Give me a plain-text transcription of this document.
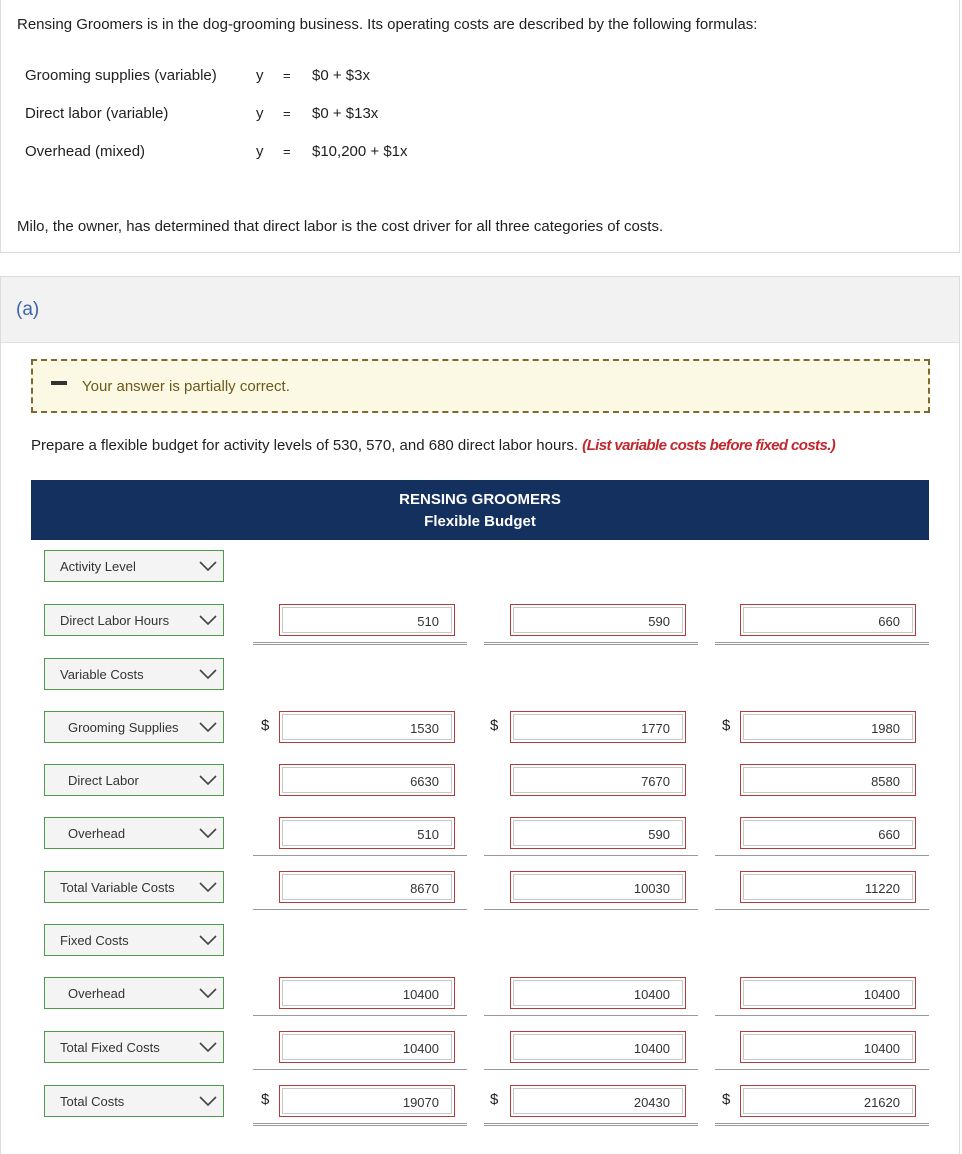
Rensing Groomers is in the dog-grooming business. Its operating costs are described by the following formulas:
Grooming supplies (variable)	y = $0 + $3x
Direct labor (variable)	y = $0 + $13x
Overhead (mixed)	y = $10,200 + $1x
Milo, the owner, has determined that direct labor is the cost driver for all three categories of costs.
(a)
Your answer is partially correct.
Prepare a flexible budget for activity levels of 530, 570, and 680 direct labor hours. (List variable costs before fixed costs.)
RENSING GROOMERS
Flexible Budget
Activity Level
Direct Labor Hours	510	590	660
Variable Costs
Grooming Supplies	$	1530	$	1770	$	1980
Direct Labor	6630	7670	8580
Overhead	510	590	660
Total Variable Costs	8670	10030	11220
Fixed Costs
Overhead	10400	10400	10400
Total Fixed Costs	10400	10400	10400
Total Costs	$	19070	$	20430	$	21620
